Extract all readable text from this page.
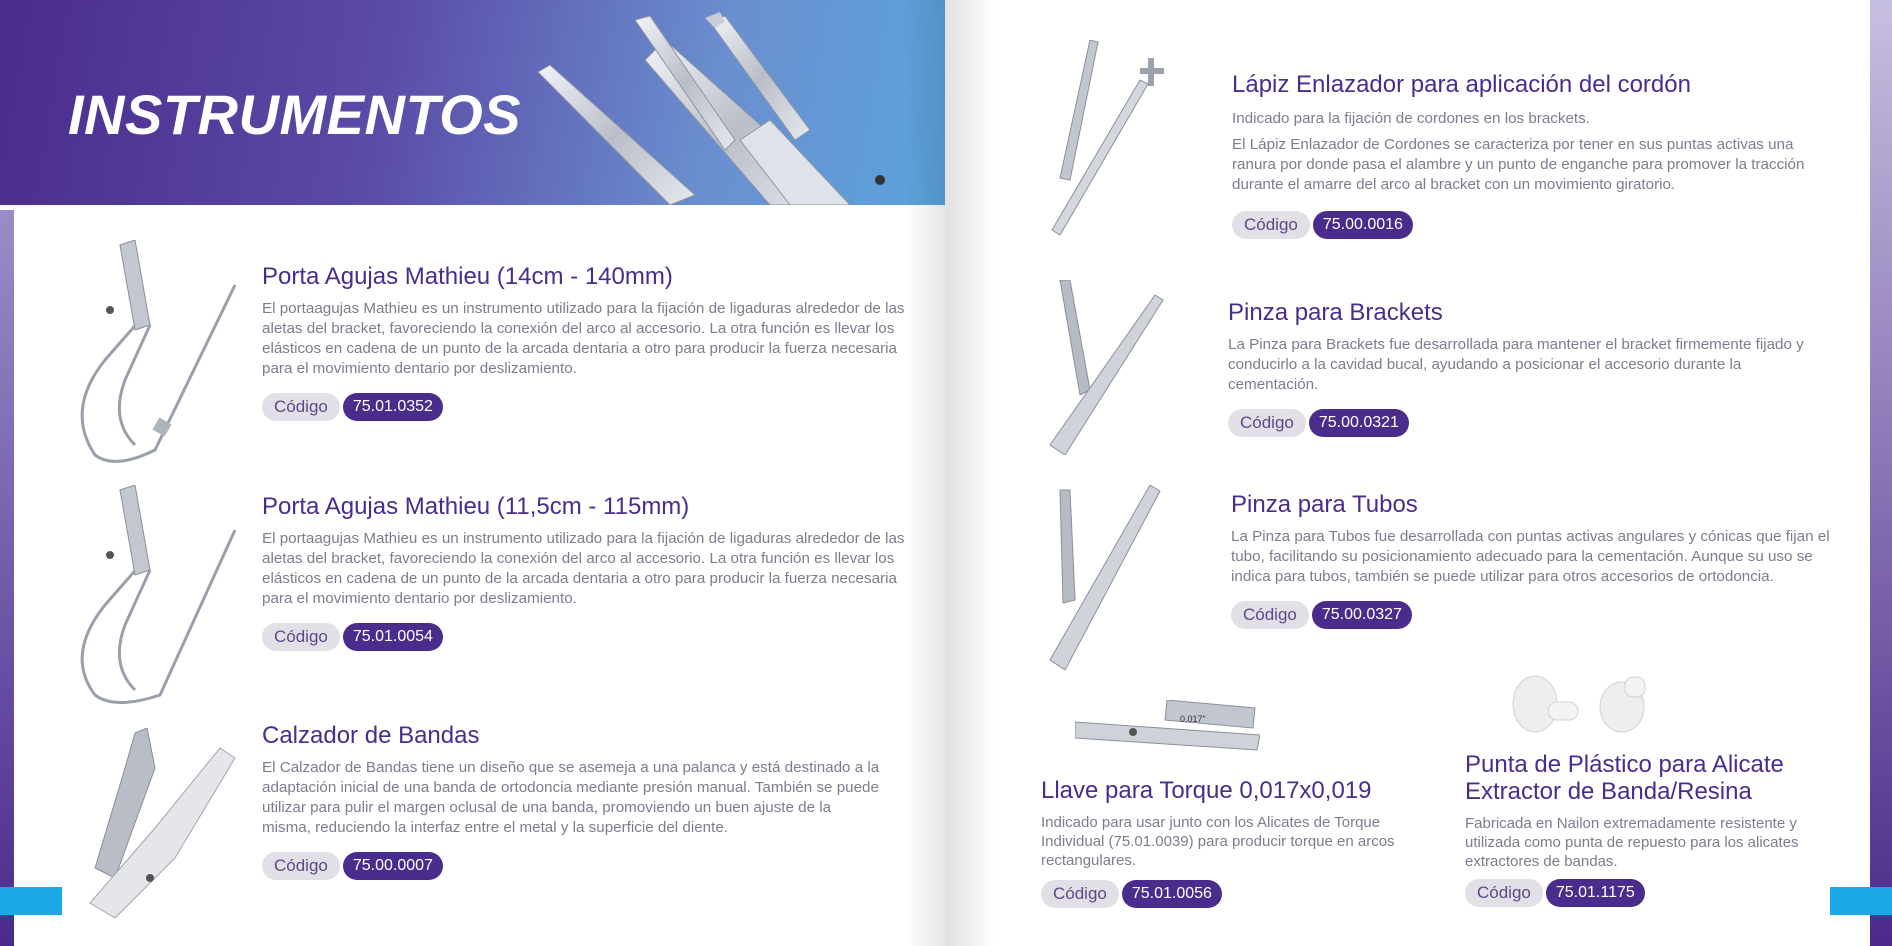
INSTRUMENTOS
Porta Agujas Mathieu (14cm - 140mm)

El portaagujas Mathieu es un instrumento utilizado para la fijación de ligaduras alrededor de las aletas del bracket, favoreciendo la conexión del arco al accesorio. La otra función es llevar los elásticos en cadena de un punto de la arcada dentaria a otro para producir la fuerza necesaria para el movimiento dentario por deslizamiento.

Código	75.01.0352
Porta Agujas Mathieu (11,5cm - 115mm)

El portaagujas Mathieu es un instrumento utilizado para la fijación de ligaduras alrededor de las aletas del bracket, favoreciendo la conexión del arco al accesorio. La otra función es llevar los elásticos en cadena de un punto de la arcada dentaria a otro para producir la fuerza necesaria para el movimiento dentario por deslizamiento.

Código	75.01.0054
Calzador de Bandas

El Calzador de Bandas tiene un diseño que se asemeja a una palanca y está destinado a la adaptación inicial de una banda de ortodoncia mediante presión manual. También se puede utilizar para pulir el margen oclusal de una banda, promoviendo un buen ajuste de la misma, reduciendo la interfaz entre el metal y la superficie del diente.

Código	75.00.0007
Lápiz Enlazador para aplicación del cordón

Indicado para la fijación de cordones en los brackets.

El Lápiz Enlazador de Cordones se caracteriza por tener en sus puntas activas una ranura por donde pasa el alambre y un punto de enganche para promover la tracción durante el amarre del arco al bracket con un movimiento giratorio.

Código	75.00.0016
Pinza para Brackets

La Pinza para Brackets fue desarrollada para mantener el bracket firmemente fijado y conducirlo a la cavidad bucal, ayudando a posicionar el accesorio durante la cementación.

Código	75.00.0321
Pinza para Tubos

La Pinza para Tubos fue desarrollada con puntas activas angulares y cónicas que fijan el tubo, facilitando su posicionamiento adecuado para la cementación. Aunque su uso se indica para tubos, también se puede utilizar para otros accesorios de ortodoncia.

Código	75.00.0327
0.017"
Llave para Torque 0,017x0,019

Indicado para usar junto con los Alicates de Torque Individual (75.01.0039) para producir torque en arcos rectangulares.

Código	75.01.0056
Punta de Plástico para Alicate Extractor de Banda/Resina

Fabricada en Nailon extremadamente resistente y utilizada como punta de repuesto para los alicates extractores de bandas.

Código	75.01.1175
